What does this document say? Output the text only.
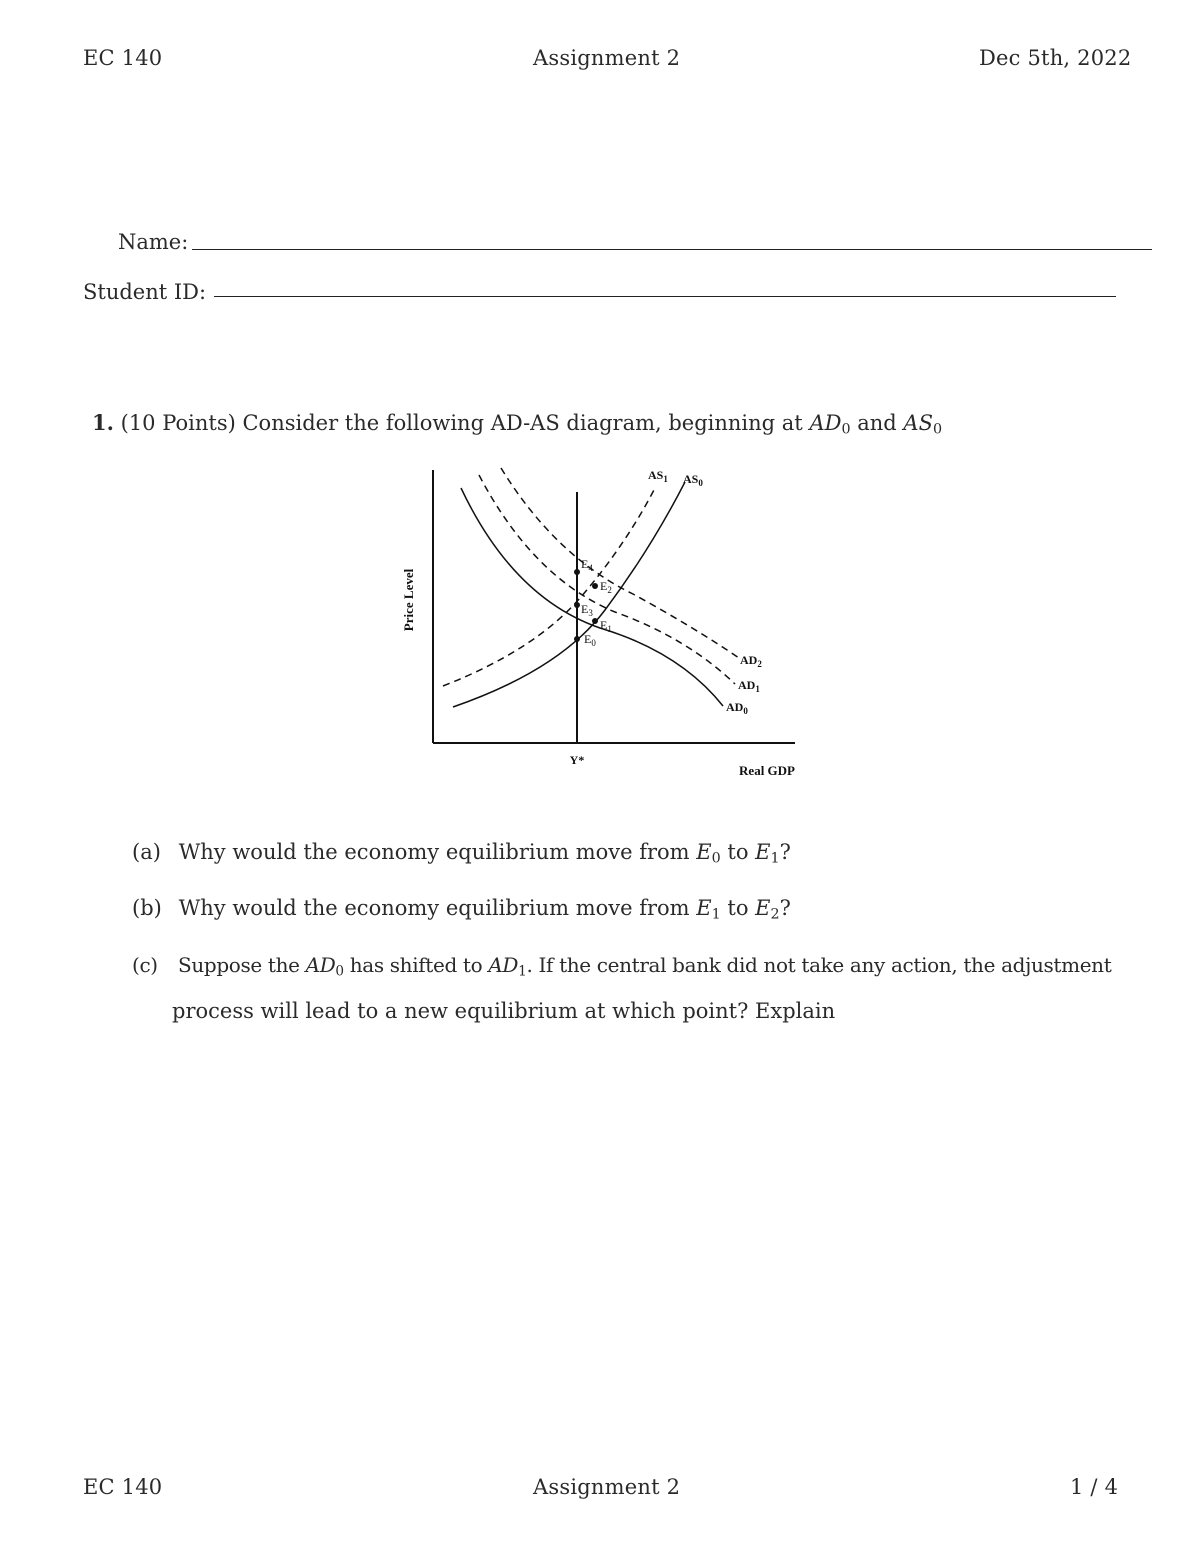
EC 140	Assignment 2	Dec 5th, 2022
Name:
Student ID:
1. (10 Points) Consider the following AD-AS diagram, beginning at $AD_0$ and $AS_0$
$E_4$
$E_2$
$E_3$
$E_1$
$E_0$
$AS_1$ $AS_0$
$AD_2$
$AD_1$
$AD_0$
Price Level
Real GDP
Y*
(a) Why would the economy equilibrium move from $E_0$ to $E_1$?
(b) Why would the economy equilibrium move from $E_1$ to $E_2$?
(c) Suppose the $AD_0$ has shifted to $AD_1$. If the central bank did not take any action, the adjustment
process will lead to a new equilibrium at which point? Explain
EC 140	Assignment 2	1 / 4
